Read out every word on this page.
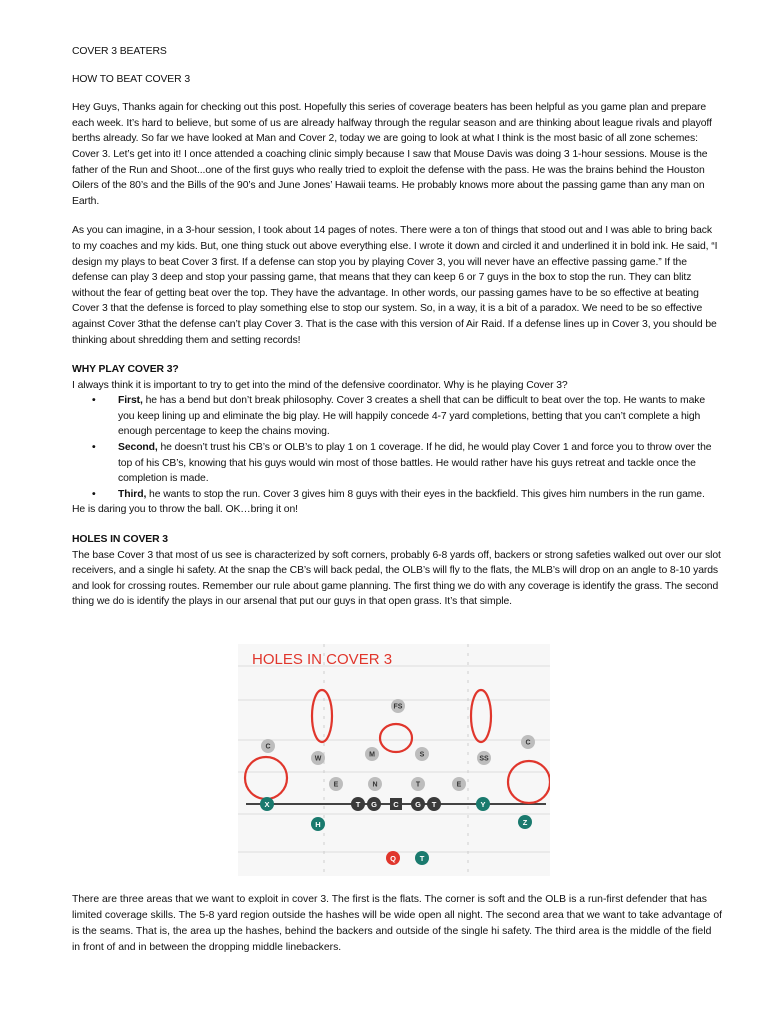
COVER 3 BEATERS
HOW TO BEAT COVER 3

Hey Guys, Thanks again for checking out this post. Hopefully this series of coverage beaters has been helpful as you game plan and prepare each week. It’s hard to believe, but some of us are already halfway through the regular season and are thinking about league rivals and playoff berths already. So far we have looked at Man and Cover 2, today we are going to look at what I think is the most basic of all zone schemes: Cover 3. Let’s get into it! I once attended a coaching clinic simply because I saw that Mouse Davis was doing 3 1-hour sessions. Mouse is the father of the Run and Shoot...one of the first guys who really tried to exploit the defense with the pass. He was the brains behind the Houston Oilers of the 80’s and the Bills of the 90’s and June Jones’ Hawaii teams. He probably knows more about the passing game than any man on Earth.

As you can imagine, in a 3-hour session, I took about 14 pages of notes. There were a ton of things that stood out and I was able to bring back to my coaches and my kids. But, one thing stuck out above everything else. I wrote it down and circled it and underlined it in bold ink. He said, “I design my plays to beat Cover 3 first. If a defense can stop you by playing Cover 3, you will never have an effective passing game.” If the defense can play 3 deep and stop your passing game, that means that they can keep 6 or 7 guys in the box to stop the run. They can blitz without the fear of getting beat over the top. They have the advantage. In other words, our passing games have to be so effective at beating Cover 3 that the defense is forced to play something else to stop our system. So, in a way, it is a bit of a paradox. We need to be so effective against Cover 3that the defense can’t play Cover 3. That is the case with this version of Air Raid. If a defense lines up in Cover 3, you should be thinking about shredding them and setting records!

WHY PLAY COVER 3?
I always think it is important to try to get into the mind of the defensive coordinator. Why is he playing Cover 3?
• First, he has a bend but don’t break philosophy. Cover 3 creates a shell that can be difficult to beat over the top. He wants to make you keep lining up and eliminate the big play. He will happily concede 4-7 yard completions, betting that you can’t complete a high enough percentage to keep the chains moving.
• Second, he doesn’t trust his CB’s or OLB’s to play 1 on 1 coverage. If he did, he would play Cover 1 and force you to throw over the top of his CB’s, knowing that his guys would win most of those battles. He would rather have his guys retreat and tackle once the completion is made.
• Third, he wants to stop the run. Cover 3 gives him 8 guys with their eyes in the backfield. This gives him numbers in the run game.
He is daring you to throw the ball. OK…bring it on!
HOLES IN COVER 3
The base Cover 3 that most of us see is characterized by soft corners, probably 6-8 yards off, backers or strong safeties walked out over our slot receivers, and a single hi safety. At the snap the CB’s will back pedal, the OLB’s will fly to the flats, the MLB’s will drop on an angle to 8-10 yards and look for crossing routes. Remember our rule about game planning. The first thing we do with any coverage is identify the grass. The second thing we do is identify the plays in our arsenal that put our guys in that open grass. It’s that simple.
HOLES IN COVER 3
FS
C
W
M	S
SS
C
E	N	T	E
X	T G C G T	Y
H	Z
Q	T
There are three areas that we want to exploit in cover 3. The first is the flats. The corner is soft and the OLB is a run-first defender that has limited coverage skills. The 5-8 yard region outside the hashes will be wide open all night. The second area that we want to take advantage of is the seams. That is, the area up the hashes, behind the backers and outside of the single hi safety. The third area is the middle of the field in front of and in between the dropping middle linebackers.
